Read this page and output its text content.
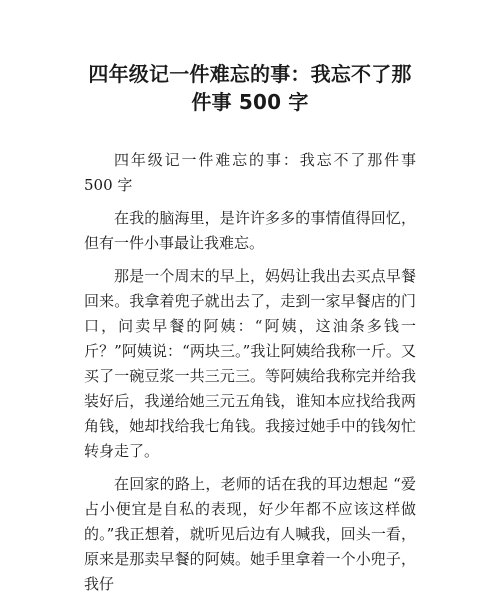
四年级记一件难忘的事：我忘不了那件事 500 字

四年级记一件难忘的事：我忘不了那件事 500 字

在我的脑海里，是许许多多的事情值得回忆，但有一件小事最让我难忘。

那是一个周末的早上，妈妈让我出去买点早餐回来。我拿着兜子就出去了，走到一家早餐店的门口，问卖早餐的阿姨：“阿姨，这油条多钱一斤？”阿姨说：“两块三。”我让阿姨给我称一斤。又买了一碗豆浆一共三元三。等阿姨给我称完并给我装好后，我递给她三元五角钱，谁知本应找给我两角钱，她却找给我七角钱。我接过她手中的钱匆忙转身走了。

在回家的路上，老师的话在我的耳边想起 “爱占小便宜是自私的表现，好少年都不应该这样做的。”我正想着，就听见后边有人喊我，回头一看，原来是那卖早餐的阿姨。她手里拿着一个小兜子，我仔
